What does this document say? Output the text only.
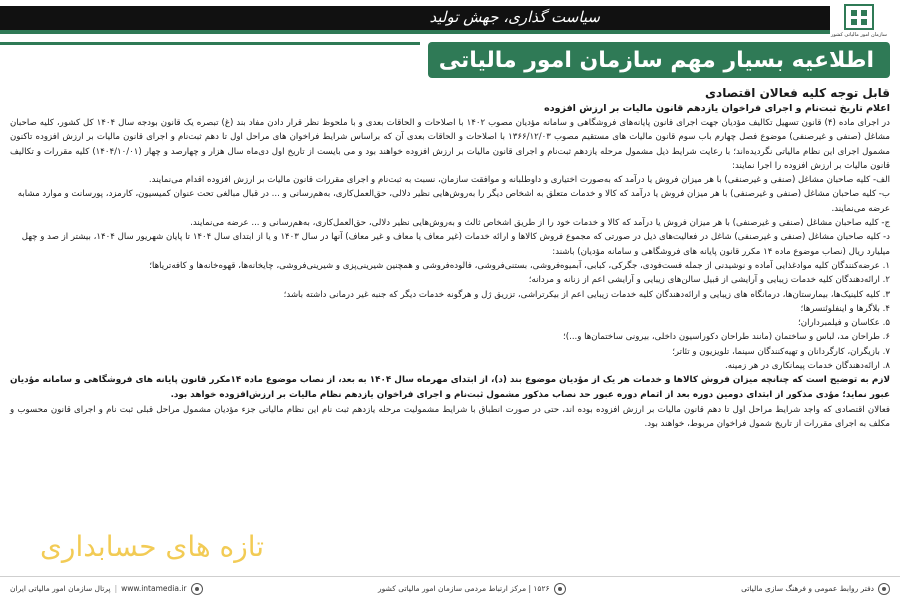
سیاست گذاری، جهش تولید
سازمان امور مالیاتی کشور
اطلاعیه بسیار مهم سازمان امور مالیاتی
قابل توجه کلیه فعالان اقتصادی
اعلام تاریخ ثبت‌نام و اجرای فراخوان یازدهم قانون مالیات بر ارزش افزوده
در اجرای ماده (۴) قانون تسهیل تکالیف مؤدیان جهت اجرای قانون پایانه‌های فروشگاهی و سامانه مؤدیان مصوب ۱۴۰۲ با اصلاحات و الحاقات بعدی و با ملحوظ نظر قرار دادن مفاد بند (غ) تبصره یک قانون بودجه سال ۱۴۰۴ کل کشور، کلیه صاحبان مشاغل (صنفی و غیرصنفی) موضوع فصل چهارم باب سوم قانون مالیات های مستقیم مصوب ۱۳۶۶/۱۲/۰۳ با اصلاحات و الحاقات بعدی آن که براساس شرایط فراخوان های مراحل اول تا دهم ثبت‌نام و اجرای قانون مالیات بر ارزش افزوده تاکنون مشمول اجرای این نظام مالیاتی نگردیده‌اند؛ با رعایت شرایط ذیل مشمول مرحله یازدهم ثبت‌نام و اجرای قانون مالیات بر ارزش افزوده خواهند بود و می بایست از تاریخ اول دی‌ماه سال هزار و چهارصد و چهار (۱۴۰۴/۱۰/۰۱) کلیه مقررات و تکالیف قانون مالیات بر ارزش افزوده را اجرا نمایند:
الف- کلیه صاحبان مشاغل (صنفی و غیرصنفی) با هر میزان فروش یا درآمد که به‌صورت اختیاری و داوطلبانه و موافقت سازمان، نسبت به ثبت‌نام و اجرای مقررات قانون مالیات بر ارزش افزوده اقدام می‌نمایند.
ب- کلیه صاحبان مشاغل (صنفی و غیرصنفی) با هر میزان فروش یا درآمد که کالا و خدمات متعلق به اشخاص دیگر را به‌روش‌هایی نظیر دلالی، حق‌العمل‌کاری، به‌هم‌رسانی و ... در قبال مبالغی تحت عنوان کمیسیون، کارمزد، پورسانت و موارد مشابه عرضه می‌نمایند.
ج- کلیه صاحبان مشاغل (صنفی و غیرصنفی) با هر میزان فروش یا درآمد که کالا و خدمات خود را از طریق اشخاص ثالث و به‌روش‌هایی نظیر دلالی، حق‌العمل‌کاری، به‌هم‌رسانی و ... عرضه می‌نمایند.
د- کلیه صاحبان مشاغل (صنفی و غیرصنفی) شاغل در فعالیت‌های ذیل در صورتی که مجموع فروش کالاها و ارائه خدمات (غیر معاف یا معاف و غیر معاف) آنها در سال ۱۴۰۳ و یا از ابتدای سال ۱۴۰۴ تا پایان شهریور سال ۱۴۰۴، بیشتر از صد و چهل میلیارد ریال (نصاب موضوع ماده ۱۴ مکرر قانون پایانه های فروشگاهی و سامانه مؤدیان) باشند:
۱. عرضه‌کنندگان کلیه موادغذایی آماده و نوشیدنی از جمله فست‌فودی، جگرکی، کبابی، آبمیوه‌فروشی، بستنی‌فروشی، فالوده‌فروشی و همچنین شیرینی‌پزی و شیرینی‌فروشی، چایخانه‌ها، قهوه‌خانه‌ها و کافه‌تریاها؛
۲. ارائه‌دهندگان کلیه خدمات زیبایی و آرایشی از قبیل سالن‌های زیبایی و آرایشی اعم از زنانه و مردانه؛
۳. کلیه کلینیک‌ها، بیمارستان‌ها، درمانگاه های زیبایی و ارائه‌دهندگان کلیه خدمات زیبایی اعم از بیکرتراشی، تزریق ژل و هرگونه خدمات دیگر که جنبه غیر درمانی داشته باشد؛
۴. بلاگرها و اینفلوئنسرها؛
۵. عکاسان و فیلمبرداران؛
۶. طراحان مد، لباس و ساختمان (مانند طراحان دکوراسیون داخلی، بیرونی ساختمان‌ها و...)؛
۷. بازیگران، کارگردانان و تهیه‌کنندگان سینما، تلویزیون و تئاتر؛
۸. ارائه‌دهندگان خدمات پیمانکاری در هر زمینه.
لازم به توضیح است که چنانچه میزان فروش کالاها و خدمات هر یک از مؤدیان موضوع بند (د)، از ابتدای مهرماه سال ۱۴۰۴ به بعد، از نصاب موضوع ماده ۱۴مکرر قانون پایانه های فروشگاهی و سامانه مؤدیان عبور نماید؛ مؤدی مذکور از ابتدای دومین دوره بعد از اتمام دوره عبور حد نصاب مذکور مشمول ثبت‌نام و اجرای فراخوان یازدهم نظام مالیات بر ارزش‌افزوده خواهد بود.
فعالان اقتصادی که واجد شرایط مراحل اول تا دهم قانون مالیات بر ارزش افزوده بوده اند، حتی در صورت انطباق با شرایط مشمولیت مرحله یازدهم ثبت نام این نظام مالیاتی جزء مؤدیان مشمول مراحل قبلی ثبت نام و اجرای قانون محسوب و مکلف به اجرای مقررات از تاریخ شمول فراخوان مربوط، خواهند بود.
تازه های حسابداری
دفتر روابط عمومی و فرهنگ سازی مالیاتی
۱۵۲۶ | مرکز ارتباط مردمی سازمان امور مالیاتی کشور
www.intamedia.ir
|
پرتال سازمان امور مالیاتی ایران
